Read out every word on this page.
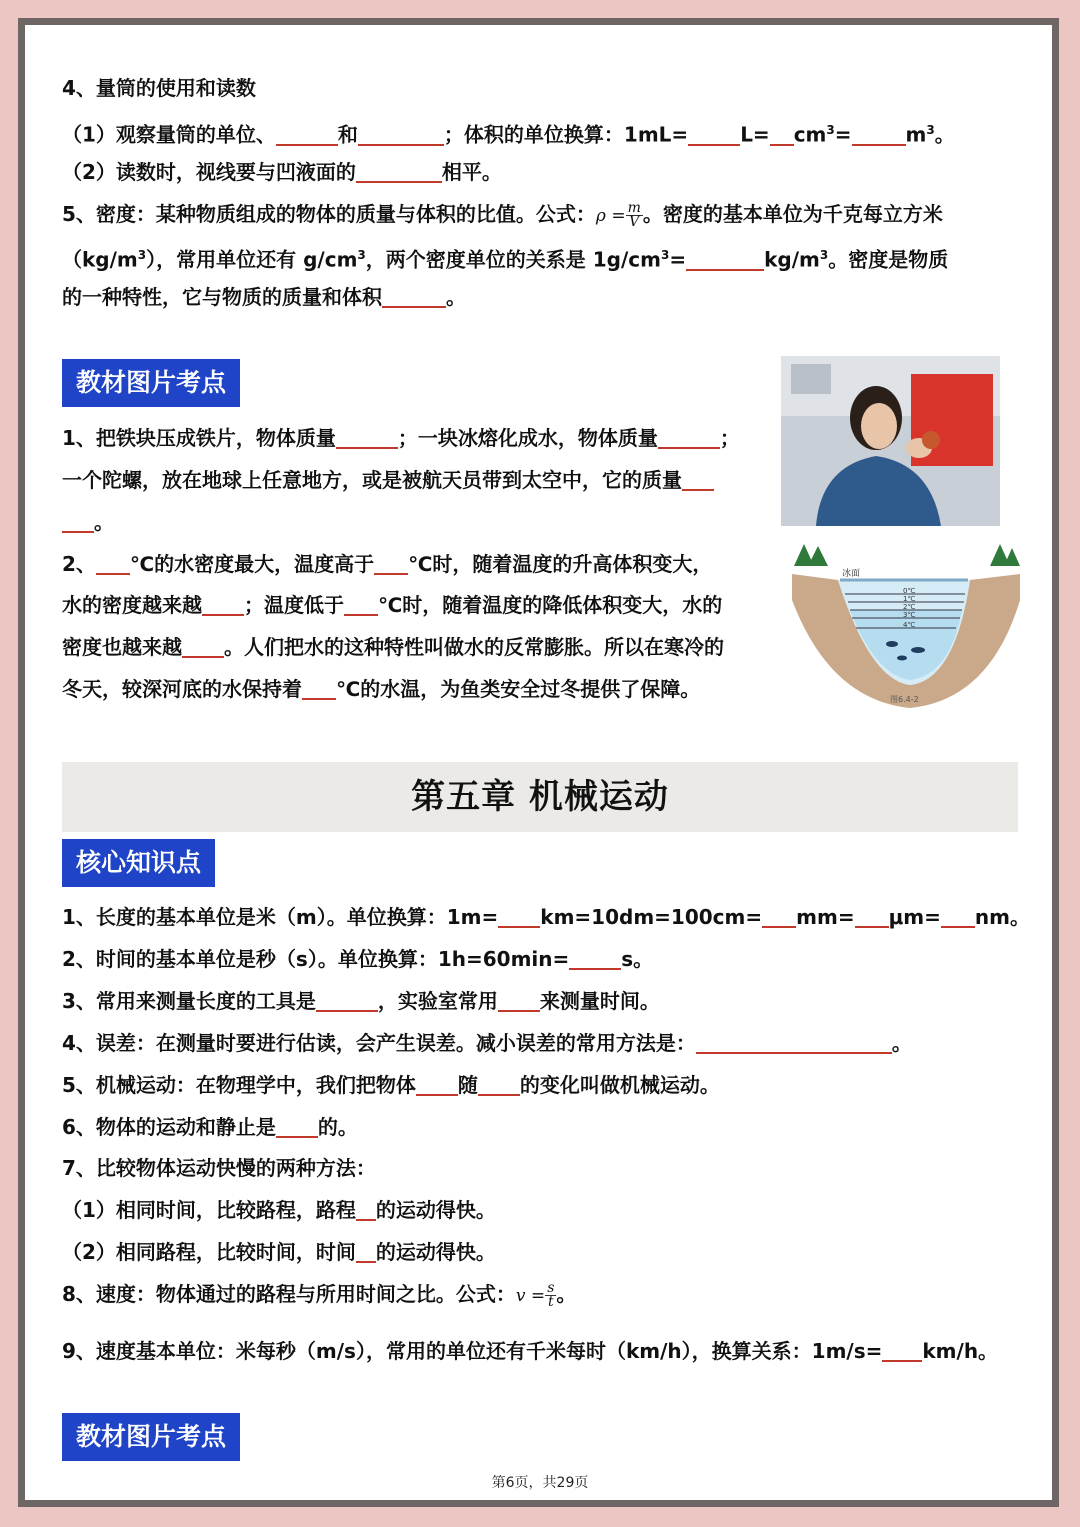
4、量筒的使用和读数
（1）观察量筒的单位、	和	；体积的单位换算：1mL=	$L= cm^3=$	$m^3$。
（2）读数时，视线要与凹液面的	相平。
5、密度：某种物质组成的物体的质量与体积的比值。公式：$\rho = \frac{m}{V}$ 。密度的基本单位为千克每立方米
$(kg/m^3)$，常用单位还有 $g/cm^3$，两个密度单位的关系是 $1g/cm^3=$	$kg/m^3$。密度是物质
的一种特性，它与物质的质量和体积	。
教材图片考点
1、把铁块压成铁片，物体质量	；一块冰熔化成水，物体质量	；
一个陀螺，放在地球上任意地方，或是被航天员带到太空中，它的质量
。
2、 ℃的水密度最大，温度高于 ℃时，随着温度的升高体积变大，
水的密度越来越 ；温度低于 ℃时，随着温度的降低体积变大，水的
密度也越来越 。人们把水的这种特性叫做水的反常膨胀。所以在寒冷的
冬天，较深河底的水保持着 ℃的水温，为鱼类安全过冬提供了保障。
冰面
0℃
1℃
2℃
3℃
4℃
图6.4-2
第五章 机械运动
核心知识点
1、长度的基本单位是米（m）。单位换算：1m= km=10dm=100cm= mm= μm= nm。
2、时间的基本单位是秒（s）。单位换算：1h=60min=	s。
3、常用来测量长度的工具是	，实验室常用 来测量时间。
4、误差：在测量时要进行估读，会产生误差。减小误差的常用方法是：	。
5、机械运动：在物理学中，我们把物体 随 的变化叫做机械运动。
6、物体的运动和静止是 的。
7、比较物体运动快慢的两种方法：
（1）相同时间，比较路程，路程 的运动得快。
（2）相同路程，比较时间，时间 的运动得快。
8、速度：物体通过的路程与所用时间之比。公式：$v = \frac{s}{t}$ 。
9、速度基本单位：米每秒（m/s），常用的单位还有千米每时（km/h），换算关系：1m/s= km/h。
教材图片考点
第6页，共29页
